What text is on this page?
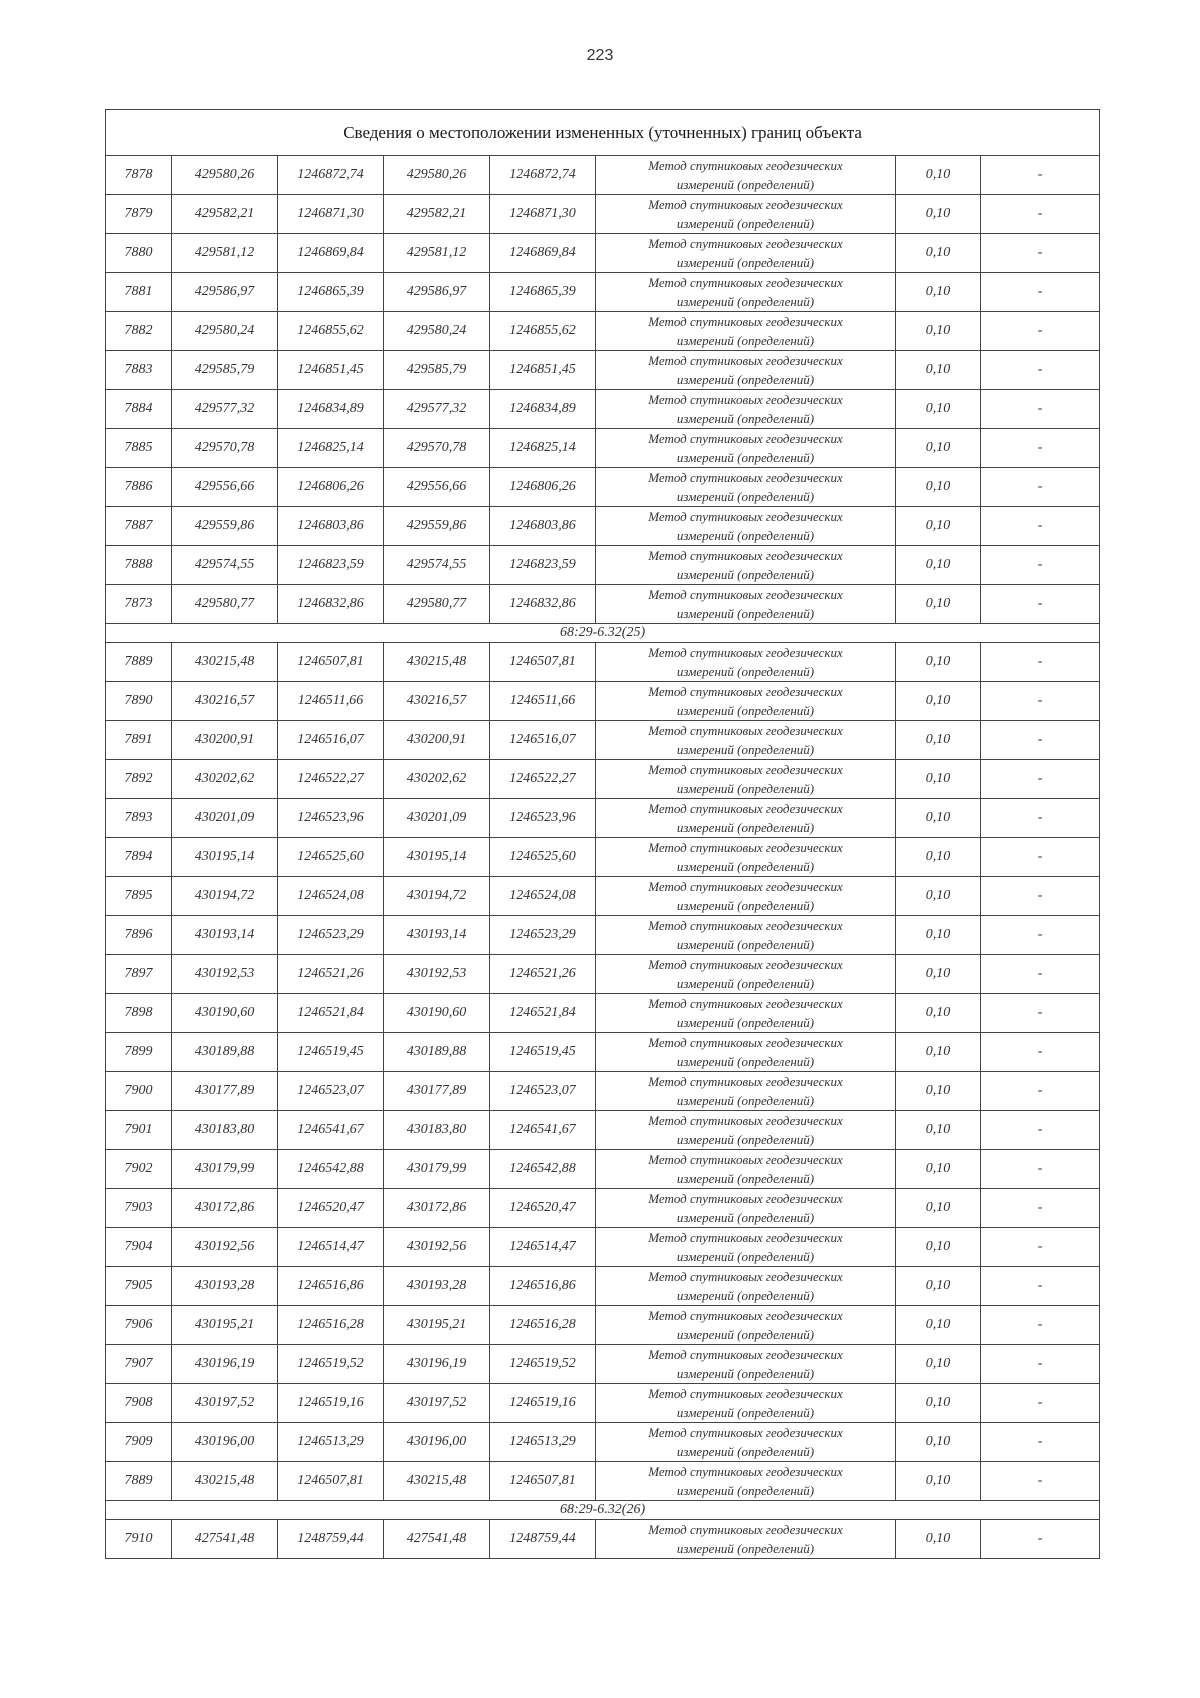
223
Сведения о местоположении измененных (уточненных) границ объекта							
7878	429580,26	1246872,74	429580,26	1246872,74	Метод спутниковых геодезических
измерений (определений)	0,10	-
7879	429582,21	1246871,30	429582,21	1246871,30	Метод спутниковых геодезических
измерений (определений)	0,10	-
7880	429581,12	1246869,84	429581,12	1246869,84	Метод спутниковых геодезических
измерений (определений)	0,10	-
7881	429586,97	1246865,39	429586,97	1246865,39	Метод спутниковых геодезических
измерений (определений)	0,10	-
7882	429580,24	1246855,62	429580,24	1246855,62	Метод спутниковых геодезических
измерений (определений)	0,10	-
7883	429585,79	1246851,45	429585,79	1246851,45	Метод спутниковых геодезических
измерений (определений)	0,10	-
7884	429577,32	1246834,89	429577,32	1246834,89	Метод спутниковых геодезических
измерений (определений)	0,10	-
7885	429570,78	1246825,14	429570,78	1246825,14	Метод спутниковых геодезических
измерений (определений)	0,10	-
7886	429556,66	1246806,26	429556,66	1246806,26	Метод спутниковых геодезических
измерений (определений)	0,10	-
7887	429559,86	1246803,86	429559,86	1246803,86	Метод спутниковых геодезических
измерений (определений)	0,10	-
7888	429574,55	1246823,59	429574,55	1246823,59	Метод спутниковых геодезических
измерений (определений)	0,10	-
7873	429580,77	1246832,86	429580,77	1246832,86	Метод спутниковых геодезических
измерений (определений)	0,10	-
68:29-6.32(25)							
7889	430215,48	1246507,81	430215,48	1246507,81	Метод спутниковых геодезических
измерений (определений)	0,10	-
7890	430216,57	1246511,66	430216,57	1246511,66	Метод спутниковых геодезических
измерений (определений)	0,10	-
7891	430200,91	1246516,07	430200,91	1246516,07	Метод спутниковых геодезических
измерений (определений)	0,10	-
7892	430202,62	1246522,27	430202,62	1246522,27	Метод спутниковых геодезических
измерений (определений)	0,10	-
7893	430201,09	1246523,96	430201,09	1246523,96	Метод спутниковых геодезических
измерений (определений)	0,10	-
7894	430195,14	1246525,60	430195,14	1246525,60	Метод спутниковых геодезических
измерений (определений)	0,10	-
7895	430194,72	1246524,08	430194,72	1246524,08	Метод спутниковых геодезических
измерений (определений)	0,10	-
7896	430193,14	1246523,29	430193,14	1246523,29	Метод спутниковых геодезических
измерений (определений)	0,10	-
7897	430192,53	1246521,26	430192,53	1246521,26	Метод спутниковых геодезических
измерений (определений)	0,10	-
7898	430190,60	1246521,84	430190,60	1246521,84	Метод спутниковых геодезических
измерений (определений)	0,10	-
7899	430189,88	1246519,45	430189,88	1246519,45	Метод спутниковых геодезических
измерений (определений)	0,10	-
7900	430177,89	1246523,07	430177,89	1246523,07	Метод спутниковых геодезических
измерений (определений)	0,10	-
7901	430183,80	1246541,67	430183,80	1246541,67	Метод спутниковых геодезических
измерений (определений)	0,10	-
7902	430179,99	1246542,88	430179,99	1246542,88	Метод спутниковых геодезических
измерений (определений)	0,10	-
7903	430172,86	1246520,47	430172,86	1246520,47	Метод спутниковых геодезических
измерений (определений)	0,10	-
7904	430192,56	1246514,47	430192,56	1246514,47	Метод спутниковых геодезических
измерений (определений)	0,10	-
7905	430193,28	1246516,86	430193,28	1246516,86	Метод спутниковых геодезических
измерений (определений)	0,10	-
7906	430195,21	1246516,28	430195,21	1246516,28	Метод спутниковых геодезических
измерений (определений)	0,10	-
7907	430196,19	1246519,52	430196,19	1246519,52	Метод спутниковых геодезических
измерений (определений)	0,10	-
7908	430197,52	1246519,16	430197,52	1246519,16	Метод спутниковых геодезических
измерений (определений)	0,10	-
7909	430196,00	1246513,29	430196,00	1246513,29	Метод спутниковых геодезических
измерений (определений)	0,10	-
7889	430215,48	1246507,81	430215,48	1246507,81	Метод спутниковых геодезических
измерений (определений)	0,10	-
68:29-6.32(26)							
7910	427541,48	1248759,44	427541,48	1248759,44	Метод спутниковых геодезических
измерений (определений)	0,10	-
